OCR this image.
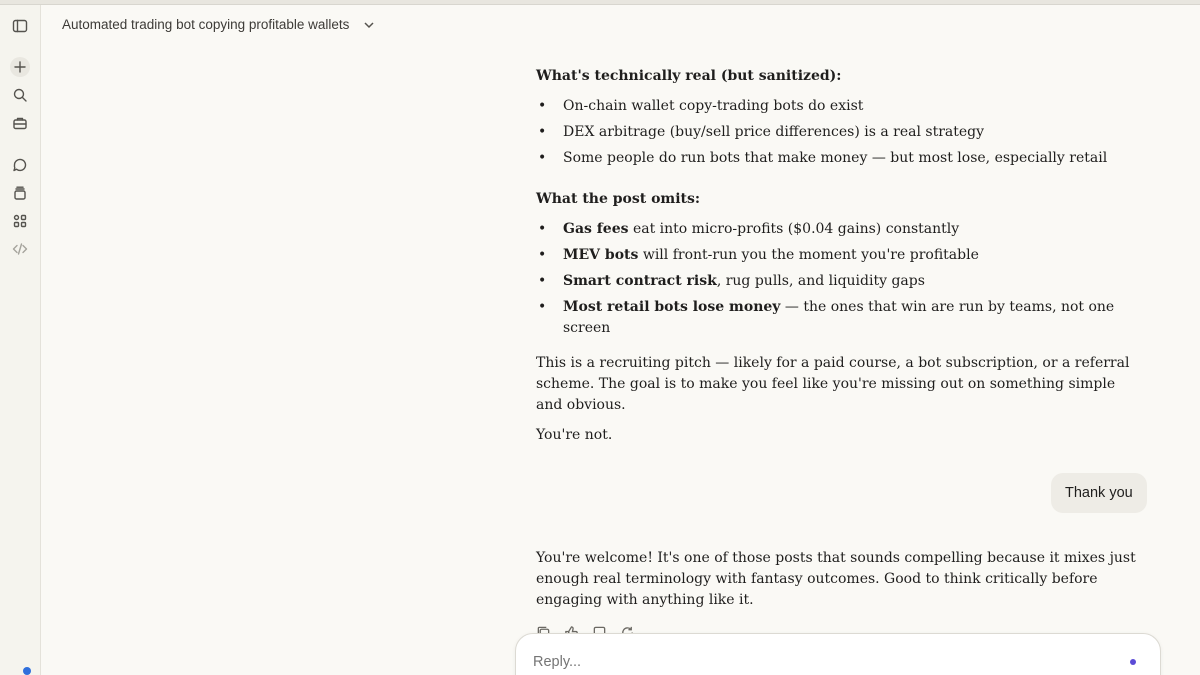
Automated trading bot copying profitable wallets
What's technically real (but sanitized):
• On-chain wallet copy-trading bots do exist
• DEX arbitrage (buy/sell price differences) is a real strategy
• Some people do run bots that make money — but most lose, especially retail
What the post omits:
• Gas fees eat into micro-profits ($0.04 gains) constantly
• MEV bots will front-run you the moment you're profitable
• Smart contract risk, rug pulls, and liquidity gaps
• Most retail bots lose money — the ones that win are run by teams, not one screen

This is a recruiting pitch — likely for a paid course, a bot subscription, or a referral scheme. The goal is to make you feel like you're missing out on something simple and obvious.

You're not.

Thank you
You're welcome! It's one of those posts that sounds compelling because it mixes just enough real terminology with fantasy outcomes. Good to think critically before engaging with anything like it.
Reply...
